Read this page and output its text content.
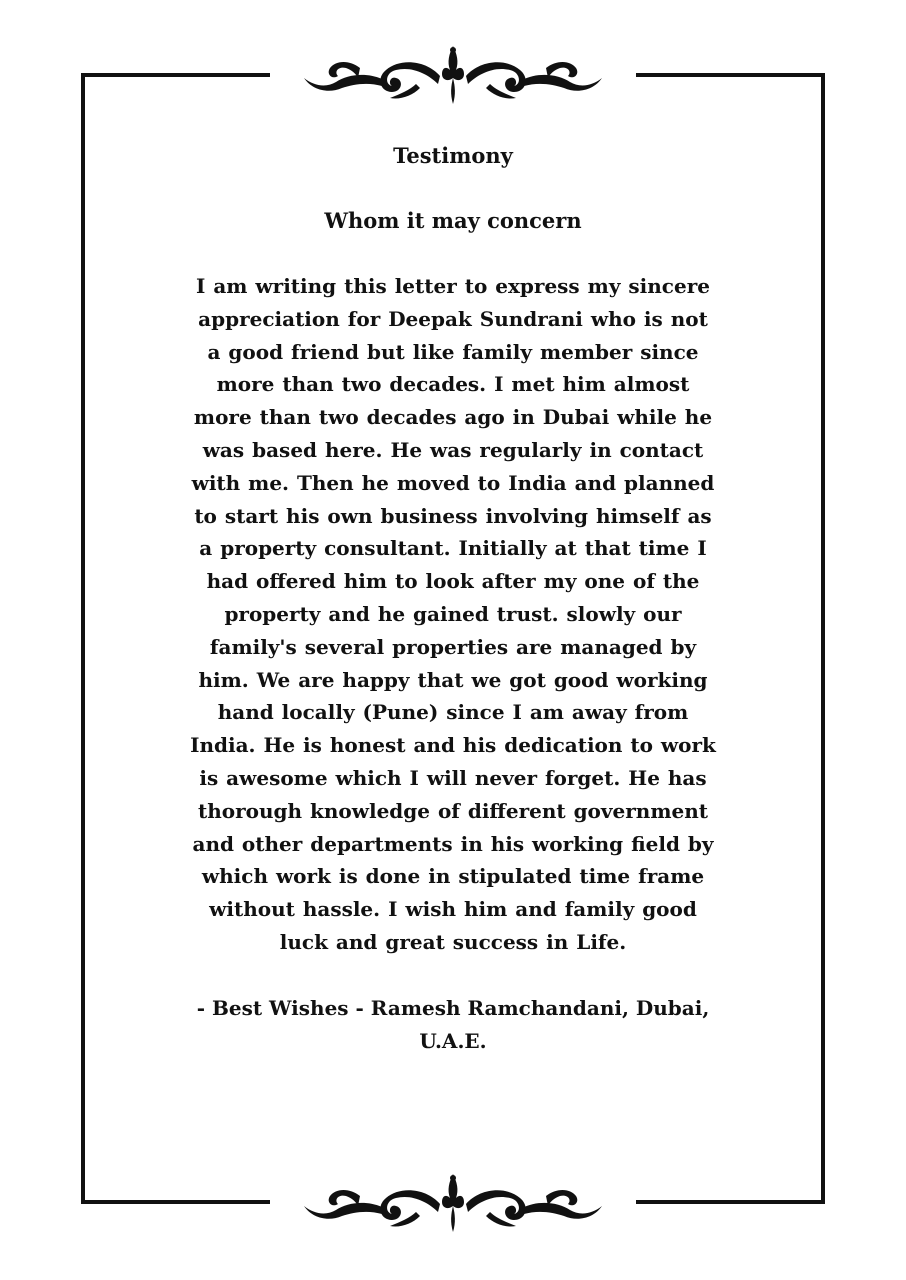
Testimony

Whom it may concern

I am writing this letter to express my sincere appreciation for Deepak Sundrani who is not a good friend but like family member since more than two decades. I met him almost more than two decades ago in Dubai while he was based here. He was regularly in contact with me. Then he moved to India and planned to start his own business involving himself as a property consultant. Initially at that time I had offered him to look after my one of the property and he gained trust. slowly our family's several properties are managed by him. We are happy that we got good working hand locally (Pune) since I am away from India. He is honest and his dedication to work is awesome which I will never forget. He has thorough knowledge of different government and other departments in his working field by which work is done in stipulated time frame without hassle. I wish him and family good luck and great success in Life.

- Best Wishes - Ramesh Ramchandani, Dubai, U.A.E.
